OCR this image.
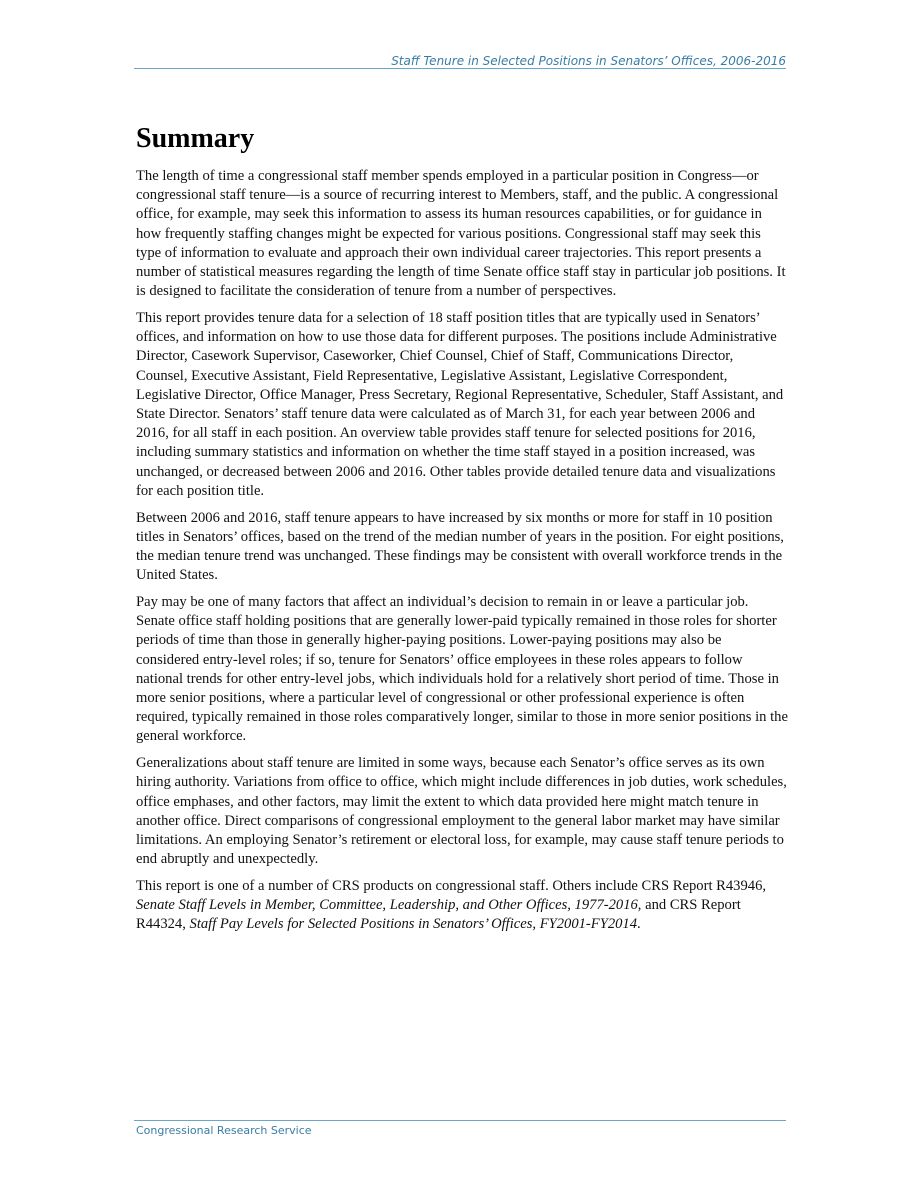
Staff Tenure in Selected Positions in Senators’ Offices, 2006-2016
Summary

The length of time a congressional staff member spends employed in a particular position in Congress—or congressional staff tenure—is a source of recurring interest to Members, staff, and the public. A congressional office, for example, may seek this information to assess its human resources capabilities, or for guidance in how frequently staffing changes might be expected for various positions. Congressional staff may seek this type of information to evaluate and approach their own individual career trajectories. This report presents a number of statistical measures regarding the length of time Senate office staff stay in particular job positions. It is designed to facilitate the consideration of tenure from a number of perspectives.

This report provides tenure data for a selection of 18 staff position titles that are typically used in Senators’ offices, and information on how to use those data for different purposes. The positions include Administrative Director, Casework Supervisor, Caseworker, Chief Counsel, Chief of Staff, Communications Director, Counsel, Executive Assistant, Field Representative, Legislative Assistant, Legislative Correspondent, Legislative Director, Office Manager, Press Secretary, Regional Representative, Scheduler, Staff Assistant, and State Director. Senators’ staff tenure data were calculated as of March 31, for each year between 2006 and 2016, for all staff in each position. An overview table provides staff tenure for selected positions for 2016, including summary statistics and information on whether the time staff stayed in a position increased, was unchanged, or decreased between 2006 and 2016. Other tables provide detailed tenure data and visualizations for each position title.

Between 2006 and 2016, staff tenure appears to have increased by six months or more for staff in 10 position titles in Senators’ offices, based on the trend of the median number of years in the position. For eight positions, the median tenure trend was unchanged. These findings may be consistent with overall workforce trends in the United States.

Pay may be one of many factors that affect an individual’s decision to remain in or leave a particular job. Senate office staff holding positions that are generally lower-paid typically remained in those roles for shorter periods of time than those in generally higher-paying positions. Lower-paying positions may also be considered entry-level roles; if so, tenure for Senators’ office employees in these roles appears to follow national trends for other entry-level jobs, which individuals hold for a relatively short period of time. Those in more senior positions, where a particular level of congressional or other professional experience is often required, typically remained in those roles comparatively longer, similar to those in more senior positions in the general workforce.

Generalizations about staff tenure are limited in some ways, because each Senator’s office serves as its own hiring authority. Variations from office to office, which might include differences in job duties, work schedules, office emphases, and other factors, may limit the extent to which data provided here might match tenure in another office. Direct comparisons of congressional employment to the general labor market may have similar limitations. An employing Senator’s retirement or electoral loss, for example, may cause staff tenure periods to end abruptly and unexpectedly.

This report is one of a number of CRS products on congressional staff. Others include CRS Report R43946, Senate Staff Levels in Member, Committee, Leadership, and Other Offices, 1977-2016, and CRS Report R44324, Staff Pay Levels for Selected Positions in Senators’ Offices, FY2001-FY2014.

Congressional Research Service
